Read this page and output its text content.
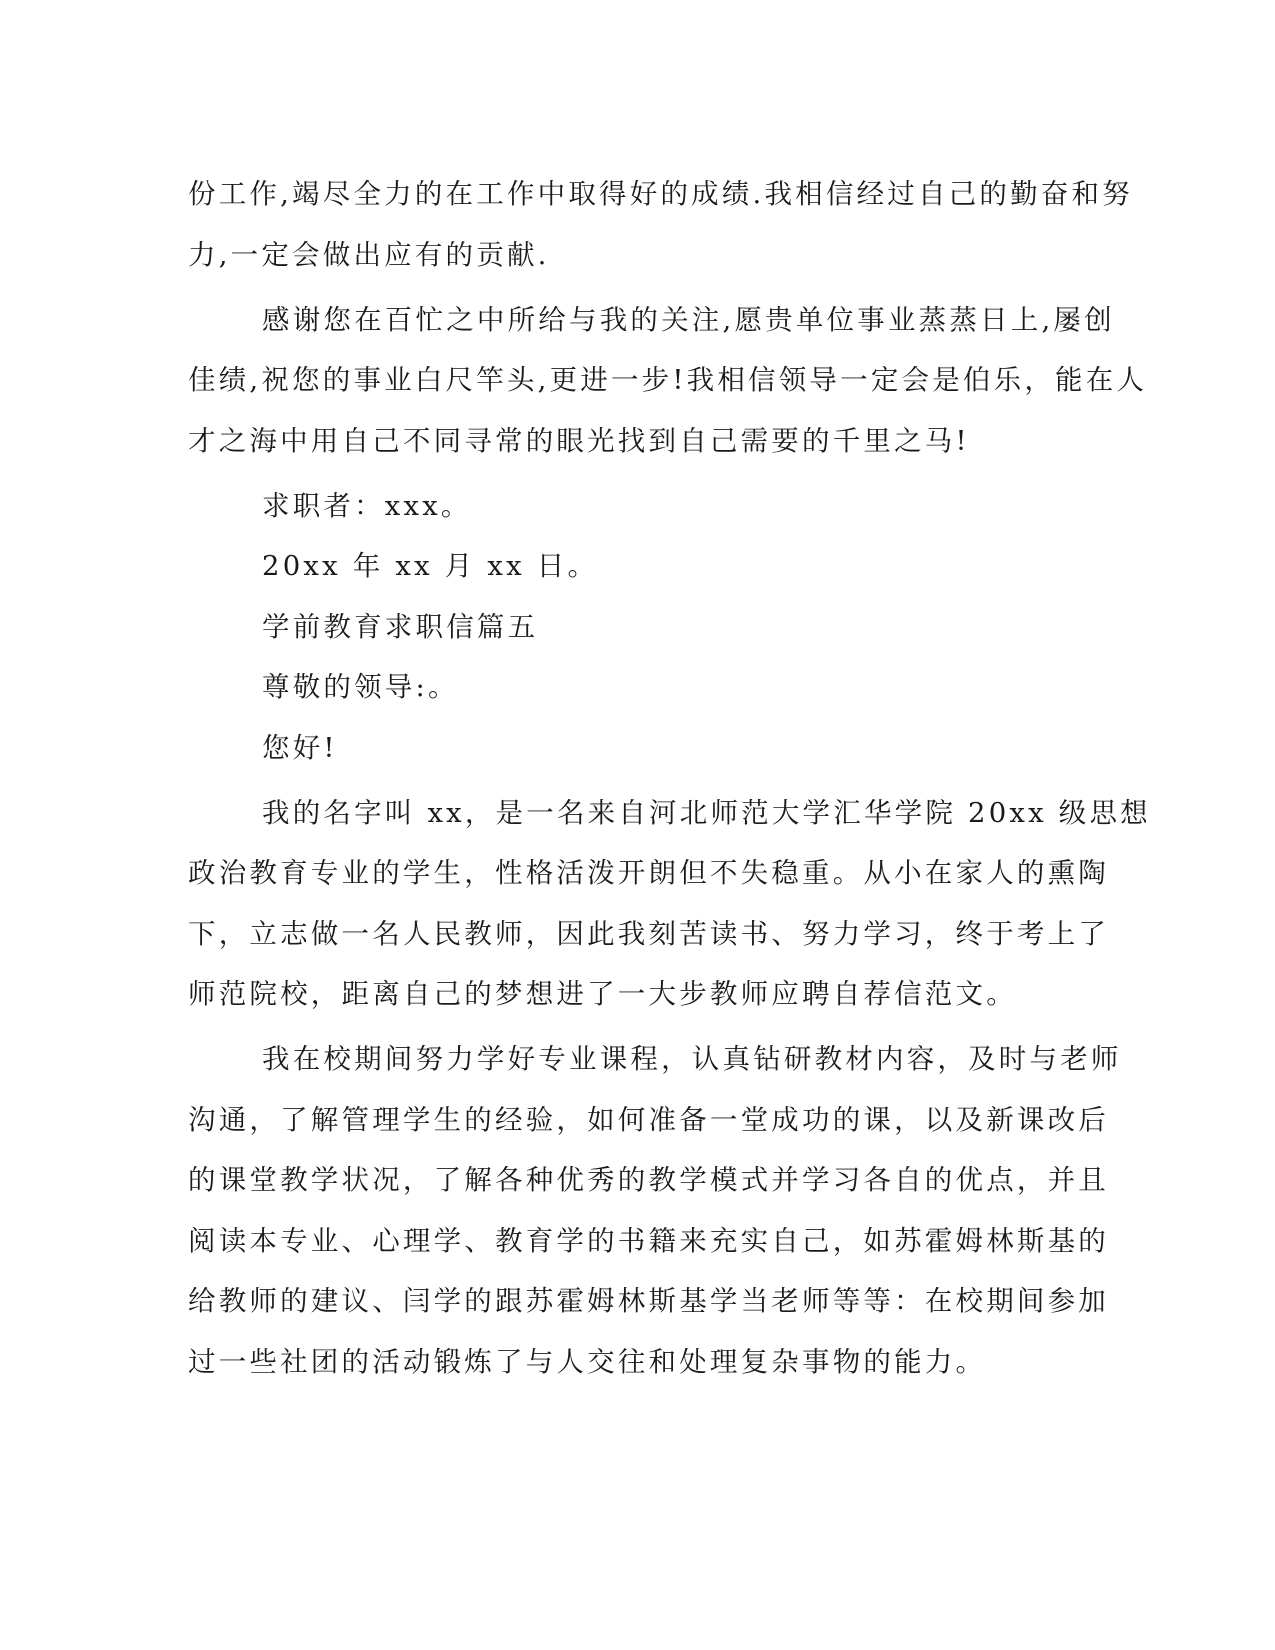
份工作,竭尽全力的在工作中取得好的成绩.我相信经过自己的勤奋和努
力,一定会做出应有的贡献.
感谢您在百忙之中所给与我的关注,愿贵单位事业蒸蒸日上,屡创
佳绩,祝您的事业白尺竿头,更进一步!我相信领导一定会是伯乐，能在人
才之海中用自己不同寻常的眼光找到自己需要的千里之马!
求职者：xxx。
20xx 年 xx 月 xx 日。
学前教育求职信篇五
尊敬的领导:。
您好!
我的名字叫 xx，是一名来自河北师范大学汇华学院 20xx 级思想
政治教育专业的学生，性格活泼开朗但不失稳重。从小在家人的熏陶
下，立志做一名人民教师，因此我刻苦读书、努力学习，终于考上了
师范院校，距离自己的梦想进了一大步教师应聘自荐信范文。
我在校期间努力学好专业课程，认真钻研教材内容，及时与老师
沟通，了解管理学生的经验，如何准备一堂成功的课，以及新课改后
的课堂教学状况，了解各种优秀的教学模式并学习各自的优点，并且
阅读本专业、心理学、教育学的书籍来充实自己，如苏霍姆林斯基的
给教师的建议、闫学的跟苏霍姆林斯基学当老师等等：在校期间参加
过一些社团的活动锻炼了与人交往和处理复杂事物的能力。
